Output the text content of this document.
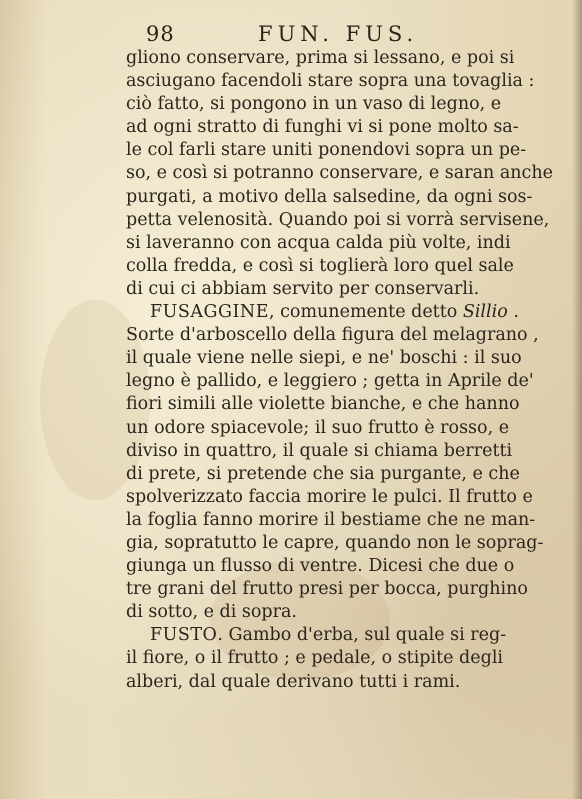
98	FUN. FUS.
gliono conservare, prima si lessano, e poi si
asciugano facendoli stare sopra una tovaglia :
ciò fatto, si pongono in un vaso di legno, e
ad ogni stratto di funghi vi si pone molto sa-
le col farli stare uniti ponendovi sopra un pe-
so, e così si potranno conservare, e saran anche
purgati, a motivo della salsedine, da ogni sos-
petta velenosità. Quando poi si vorrà servisene,
si laveranno con acqua calda più volte, indi
colla fredda, e così si toglierà loro quel sale
di cui ci abbiam servito per conservarli.
FUSAGGINE, comunemente detto Sillio .
Sorte d'arboscello della figura del melagrano ,
il quale viene nelle siepi, e ne' boschi : il suo
legno è pallido, e leggiero ; getta in Aprile de'
fiori simili alle violette bianche, e che hanno
un odore spiacevole; il suo frutto è rosso, e
diviso in quattro, il quale si chiama berretti
di prete, si pretende che sia purgante, e che
spolverizzato faccia morire le pulci. Il frutto e
la foglia fanno morire il bestiame che ne man-
gia, sopratutto le capre, quando non le soprag-
giunga un flusso di ventre. Dicesi che due o
tre grani del frutto presi per bocca, purghino
di sotto, e di sopra.
FUSTO. Gambo d'erba, sul quale si reg-
il fiore, o il frutto ; e pedale, o stipite degli
alberi, dal quale derivano tutti i rami.
